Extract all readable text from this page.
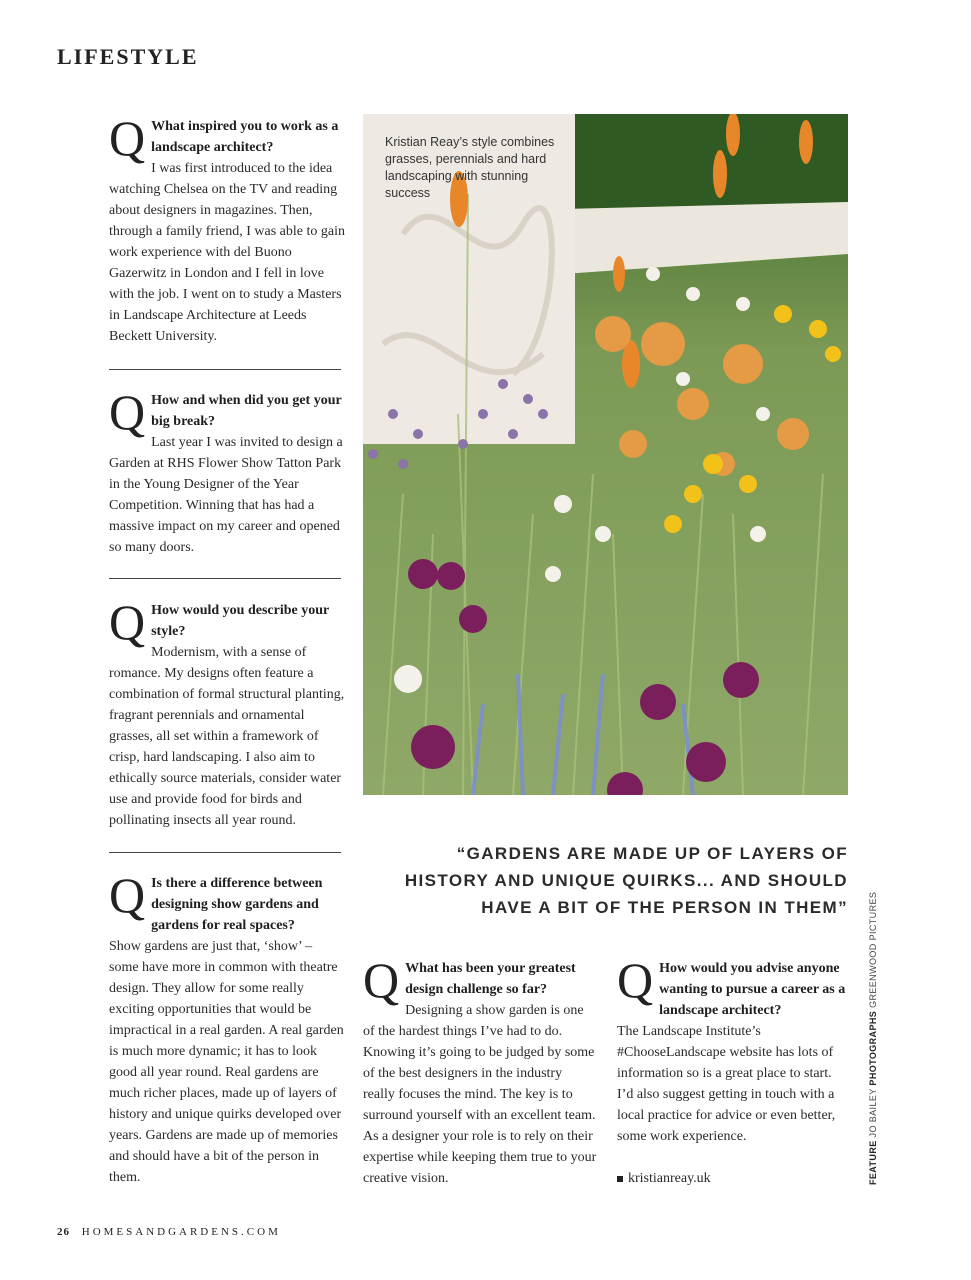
LIFESTYLE
Q What inspired you to work as a landscape architect?
I was first introduced to the idea watching Chelsea on the TV and reading about designers in magazines. Then, through a family friend, I was able to gain work experience with del Buono Gazerwitz in London and I fell in love with the job. I went on to study a Masters in Landscape Architecture at Leeds Beckett University.
Q How and when did you get your big break?
Last year I was invited to design a Garden at RHS Flower Show Tatton Park in the Young Designer of the Year Competition. Winning that has had a massive impact on my career and opened so many doors.
Q How would you describe your style?
Modernism, with a sense of romance. My designs often feature a combination of formal structural planting, fragrant perennials and ornamental grasses, all set within a framework of crisp, hard landscaping. I also aim to ethically source materials, consider water use and provide food for birds and pollinating insects all year round.
Q Is there a difference between designing show gardens and gardens for real spaces?
Show gardens are just that, ‘show’ – some have more in common with theatre design. They allow for some really exciting opportunities that would be impractical in a real garden. A real garden is much more dynamic; it has to look good all year round. Real gardens are much richer places, made up of layers of history and unique quirks developed over years. Gardens are made up of memories and should have a bit of the person in them.
Kristian Reay’s style combines grasses, perennials and hard landscaping with stunning success
“GARDENS ARE MADE UP OF LAYERS OF HISTORY AND UNIQUE QUIRKS... AND SHOULD HAVE A BIT OF THE PERSON IN THEM”
Q What has been your greatest design challenge so far?
Designing a show garden is one of the hardest things I’ve had to do. Knowing it’s going to be judged by some of the best designers in the industry really focuses the mind. The key is to surround yourself with an excellent team. As a designer your role is to rely on their expertise while keeping them true to your creative vision.
Q How would you advise anyone wanting to pursue a career as a landscape architect?
The Landscape Institute’s #ChooseLandscape website has lots of information so is a great place to start. I’d also suggest getting in touch with a local practice for advice or even better, some work experience.
kristianreay.uk	FEATURE JO BAILEY PHOTOGRAPHS GREENWOOD PICTURES
26 HOMESANDGARDENS.COM
